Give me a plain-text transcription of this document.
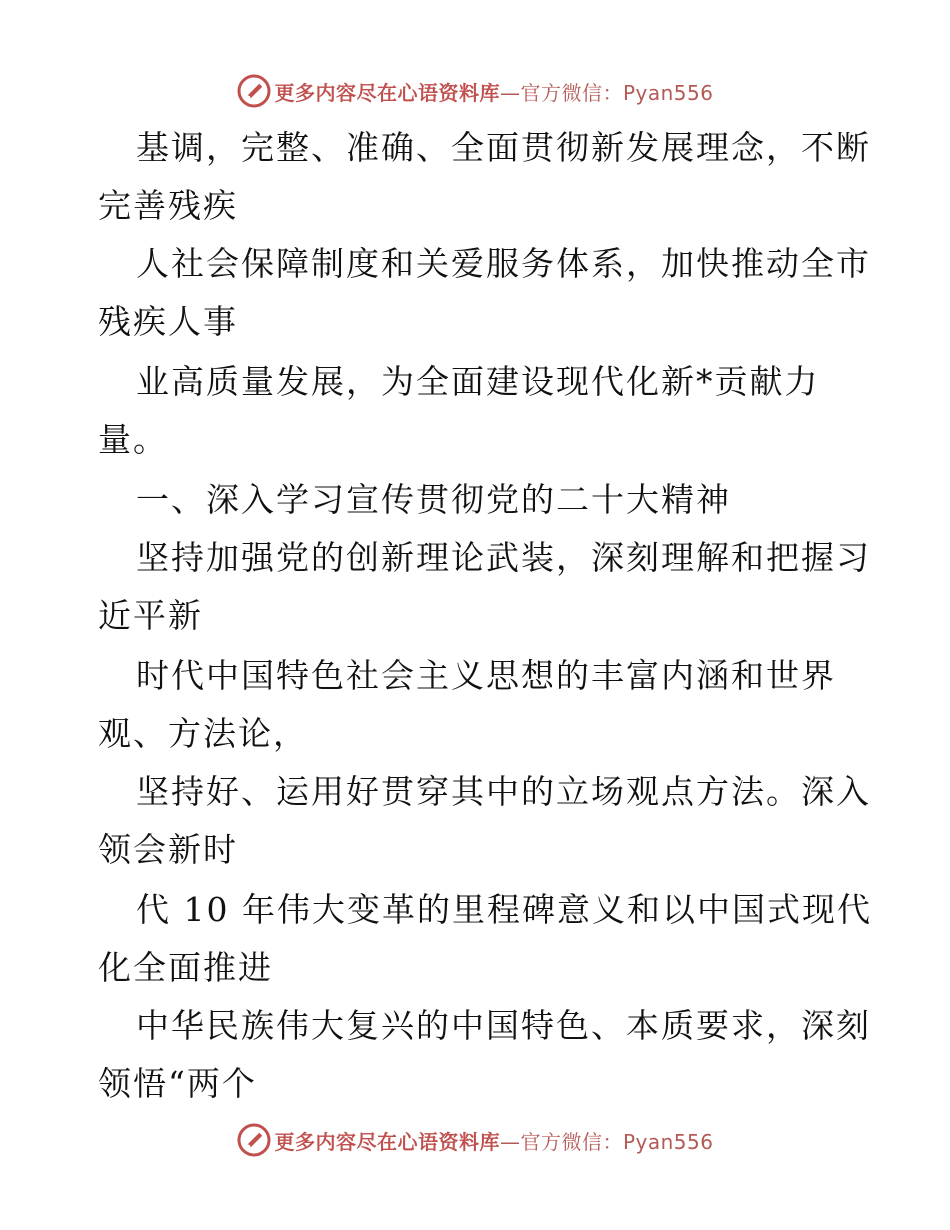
更多内容尽在心语资料库—官方微信：Pyan556
基调，完整、准确、全面贯彻新发展理念，不断
完善残疾
人社会保障制度和关爱服务体系，加快推动全市
残疾人事
业高质量发展，为全面建设现代化新*贡献力
量。
一、深入学习宣传贯彻党的二十大精神
坚持加强党的创新理论武装，深刻理解和把握习
近平新
时代中国特色社会主义思想的丰富内涵和世界
观、方法论，
坚持好、运用好贯穿其中的立场观点方法。深入
领会新时
代 10 年伟大变革的里程碑意义和以中国式现代
化全面推进
中华民族伟大复兴的中国特色、本质要求，深刻
领悟“两个
更多内容尽在心语资料库—官方微信：Pyan556
